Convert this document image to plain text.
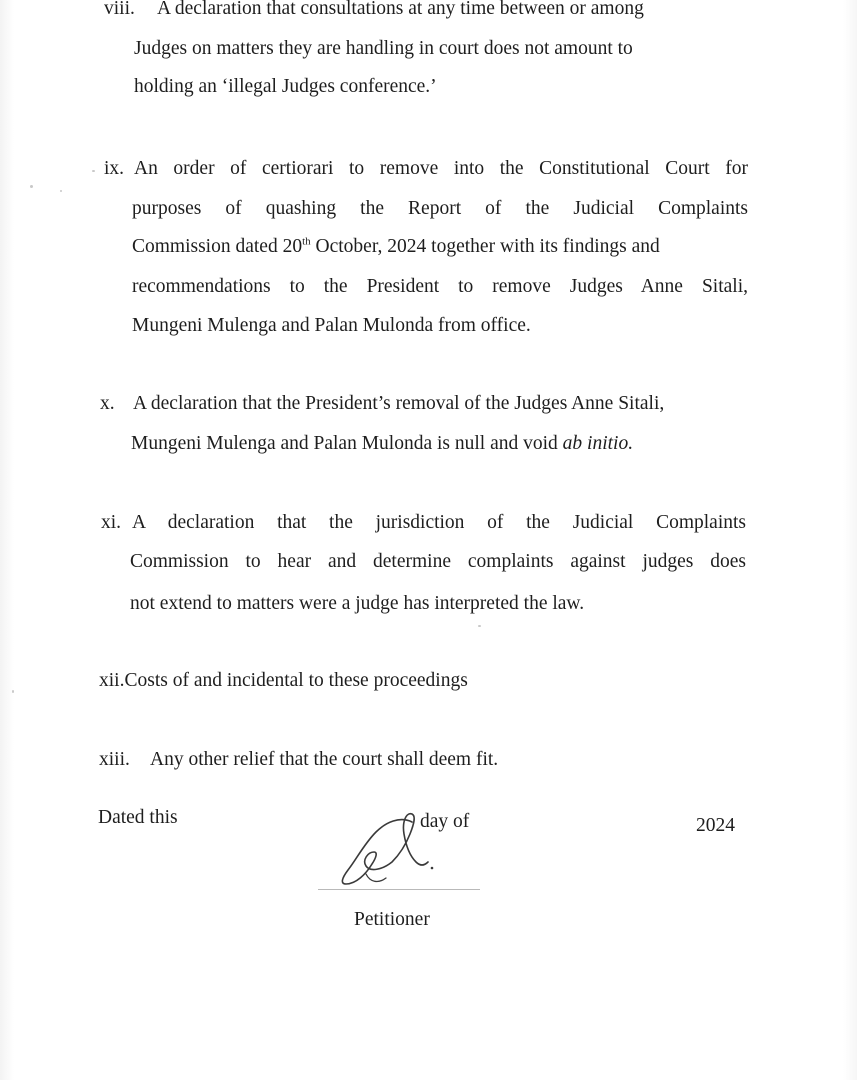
viii. A declaration that consultations at any time between or among
Judges on matters they are handling in court does not amount to
holding an ‘illegal Judges conference.’
ix. An order of certiorari to remove into the Constitutional Court for
purposes of quashing the Report of the Judicial Complaints
Commission dated 20th October, 2024 together with its findings and
recommendations to the President to remove Judges Anne Sitali,
Mungeni Mulenga and Palan Mulonda from office.
x. A declaration that the President’s removal of the Judges Anne Sitali,
Mungeni Mulenga and Palan Mulonda is null and void ab initio.
xi. A declaration that the jurisdiction of the Judicial Complaints
Commission to hear and determine complaints against judges does
not extend to matters were a judge has interpreted the law.
xii.Costs of and incidental to these proceedings
xiii. Any other relief that the court shall deem fit.
Dated this	day of	2024
Petitioner
